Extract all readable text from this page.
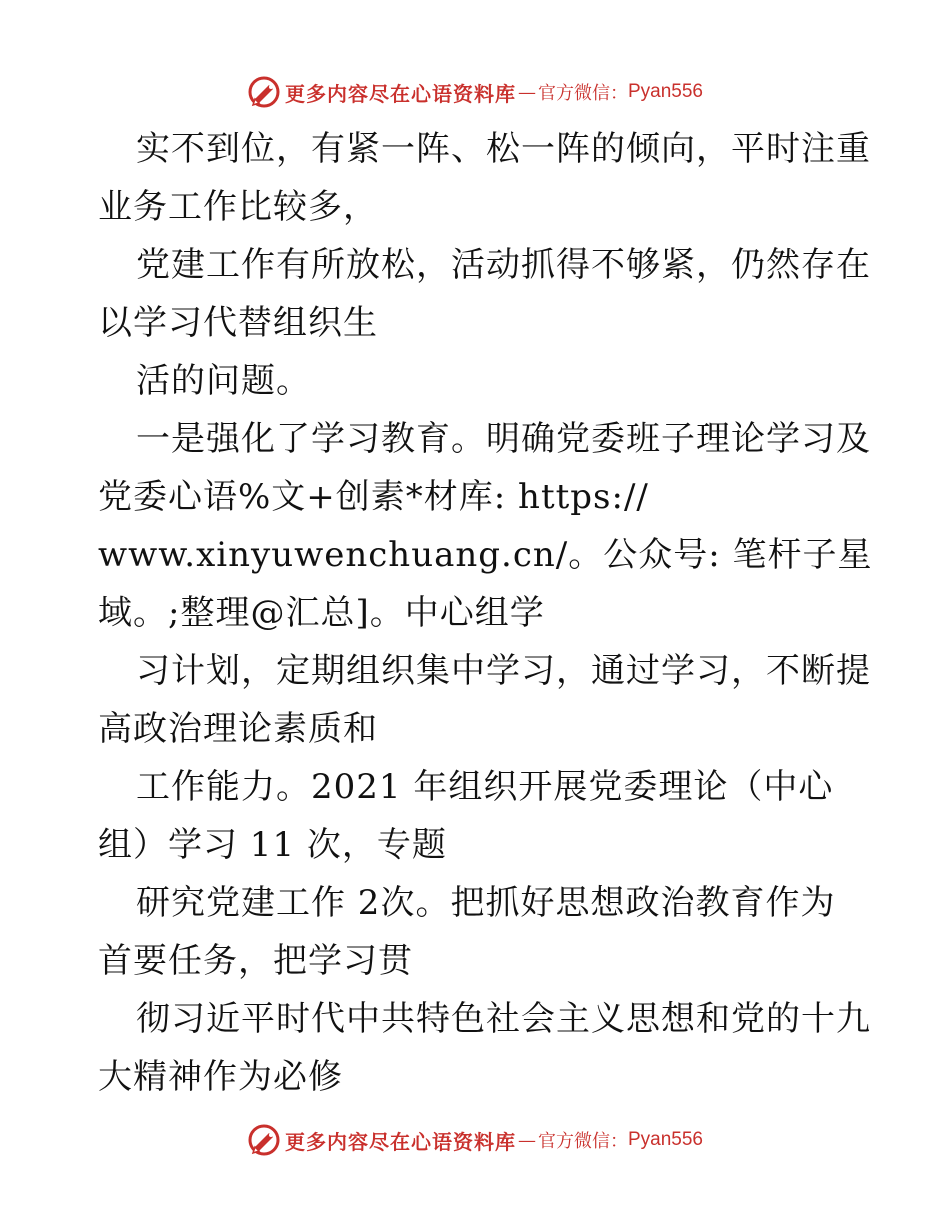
更多内容尽在心语资料库 — 官方微信： Pyan556
实不到位，有紧一阵、松一阵的倾向，平时注重
业务工作比较多，
党建工作有所放松，活动抓得不够紧，仍然存在
以学习代替组织生
活的问题。
一是强化了学习教育。明确党委班子理论学习及
党委心语%文+创素*材库: https://
www.xinyuwenchuang.cn/。公众号: 笔杆子星
域。;整理@汇总]。中心组学
习计划，定期组织集中学习，通过学习，不断提
高政治理论素质和
工作能力。2021 年组织开展党委理论（中心
组）学习 11 次，专题
研究党建工作 2次。把抓好思想政治教育作为
首要任务，把学习贯
彻习近平时代中共特色社会主义思想和党的十九
大精神作为必修
更多内容尽在心语资料库 — 官方微信： Pyan556
